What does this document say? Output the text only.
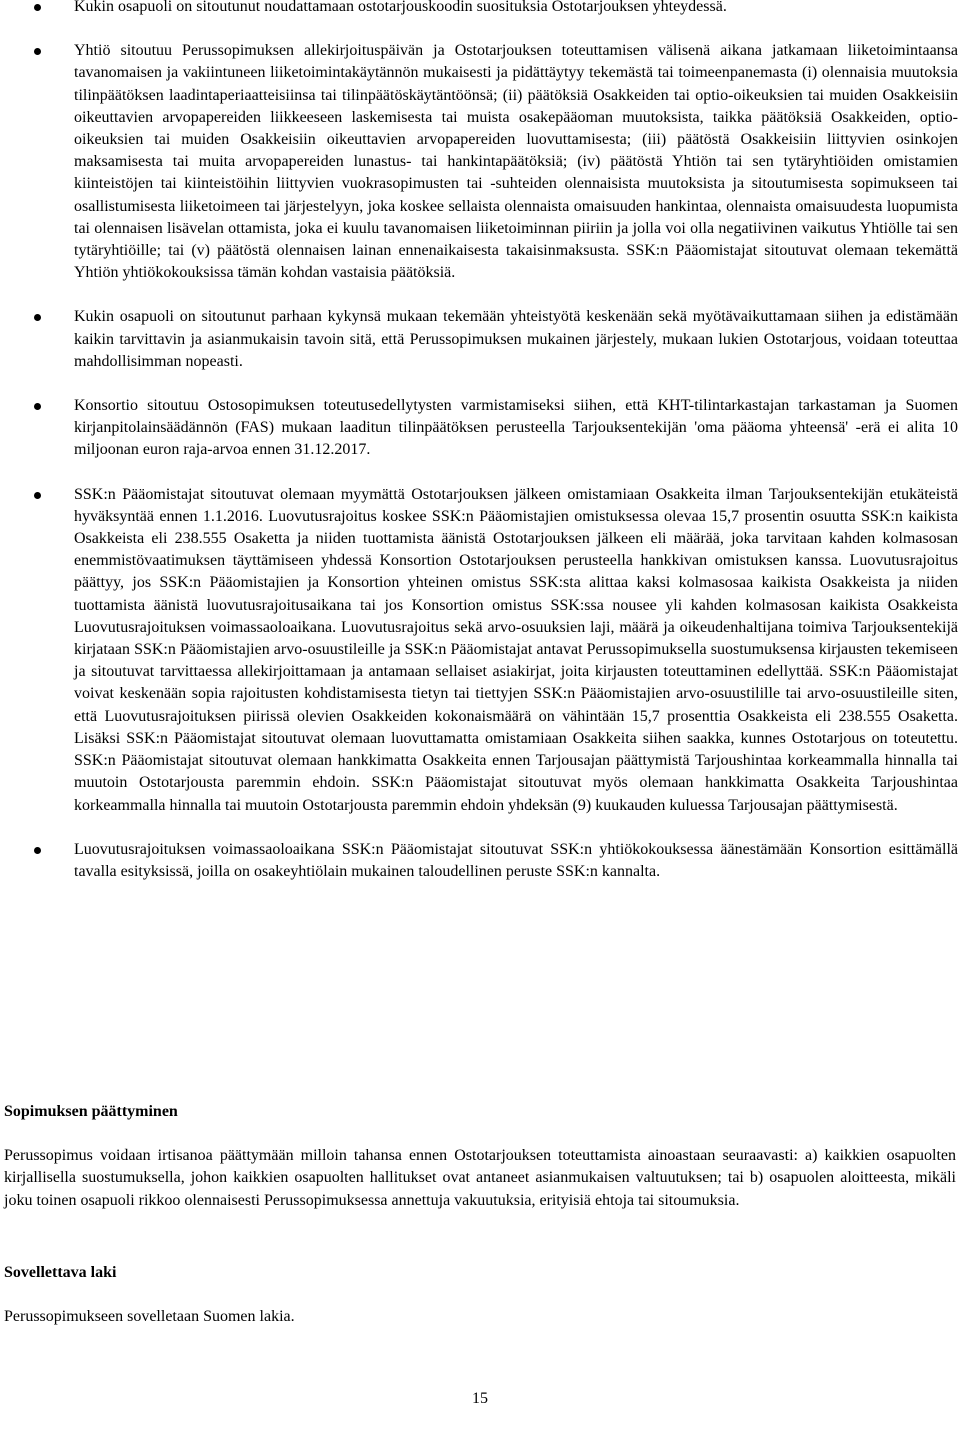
Kukin osapuoli on sitoutunut noudattamaan ostotarjouskoodin suosituksia Ostotarjouksen yhteydessä.
Yhtiö sitoutuu Perussopimuksen allekirjoituspäivän ja Ostotarjouksen toteuttamisen välisenä aikana jatkamaan liiketoimintaansa tavanomaisen ja vakiintuneen liiketoimintakäytännön mukaisesti ja pidättäytyy tekemästä tai toimeenpanemasta (i) olennaisia muutoksia tilinpäätöksen laadintaperiaatteisiinsa tai tilinpäätöskäytäntöönsä; (ii) päätöksiä Osakkeiden tai optio-oikeuksien tai muiden Osakkeisiin oikeuttavien arvopapereiden liikkeeseen laskemisesta tai muista osakepääoman muutoksista, taikka päätöksiä Osakkeiden, optio-oikeuksien tai muiden Osakkeisiin oikeuttavien arvopapereiden luovuttamisesta; (iii) päätöstä Osakkeisiin liittyvien osinkojen maksamisesta tai muita arvopapereiden lunastus- tai hankintapäätöksiä; (iv) päätöstä Yhtiön tai sen tytäryhtiöiden omistamien kiinteistöjen tai kiinteistöihin liittyvien vuokrasopimusten tai -suhteiden olennaisista muutoksista ja sitoutumisesta sopimukseen tai osallistumisesta liiketoimeen tai järjestelyyn, joka koskee sellaista olennaista omaisuuden hankintaa, olennaista omaisuudesta luopumista tai olennaisen lisävelan ottamista, joka ei kuulu tavanomaisen liiketoiminnan piiriin ja jolla voi olla negatiivinen vaikutus Yhtiölle tai sen tytäryhtiöille; tai (v) päätöstä olennaisen lainan ennenaikaisesta takaisinmaksusta. SSK:n Pääomistajat sitoutuvat olemaan tekemättä Yhtiön yhtiökokouksissa tämän kohdan vastaisia päätöksiä.
Kukin osapuoli on sitoutunut parhaan kykynsä mukaan tekemään yhteistyötä keskenään sekä myötävaikuttamaan siihen ja edistämään kaikin tarvittavin ja asianmukaisin tavoin sitä, että Perussopimuksen mukainen järjestely, mukaan lukien Ostotarjous, voidaan toteuttaa mahdollisimman nopeasti.
Konsortio sitoutuu Ostosopimuksen toteutusedellytysten varmistamiseksi siihen, että KHT-tilintarkastajan tarkastaman ja Suomen kirjanpitolainsäädännön (FAS) mukaan laaditun tilinpäätöksen perusteella Tarjouksentekijän 'oma pääoma yhteensä' -erä ei alita 10 miljoonan euron raja-arvoa ennen 31.12.2017.
SSK:n Pääomistajat sitoutuvat olemaan myymättä Ostotarjouksen jälkeen omistamiaan Osakkeita ilman Tarjouksentekijän etukäteistä hyväksyntää ennen 1.1.2016. Luovutusrajoitus koskee SSK:n Pääomistajien omistuksessa olevaa 15,7 prosentin osuutta SSK:n kaikista Osakkeista eli 238.555 Osaketta ja niiden tuottamista äänistä Ostotarjouksen jälkeen eli määrää, joka tarvitaan kahden kolmasosan enemmistövaatimuksen täyttämiseen yhdessä Konsortion Ostotarjouksen perusteella hankkivan omistuksen kanssa. Luovutusrajoitus päättyy, jos SSK:n Pääomistajien ja Konsortion yhteinen omistus SSK:sta alittaa kaksi kolmasosaa kaikista Osakkeista ja niiden tuottamista äänistä luovutusrajoitusaikana tai jos Konsortion omistus SSK:ssa nousee yli kahden kolmasosan kaikista Osakkeista Luovutusrajoituksen voimassaoloaikana. Luovutusrajoitus sekä arvo-osuuksien laji, määrä ja oikeudenhaltijana toimiva Tarjouksentekijä kirjataan SSK:n Pääomistajien arvo-osuustileille ja SSK:n Pääomistajat antavat Perussopimuksella suostumuksensa kirjausten tekemiseen ja sitoutuvat tarvittaessa allekirjoittamaan ja antamaan sellaiset asiakirjat, joita kirjausten toteuttaminen edellyttää. SSK:n Pääomistajat voivat keskenään sopia rajoitusten kohdistamisesta tietyn tai tiettyjen SSK:n Pääomistajien arvo-osuustilille tai arvo-osuustileille siten, että Luovutusrajoituksen piirissä olevien Osakkeiden kokonaismäärä on vähintään 15,7 prosenttia Osakkeista eli 238.555 Osaketta. Lisäksi SSK:n Pääomistajat sitoutuvat olemaan luovuttamatta omistamiaan Osakkeita siihen saakka, kunnes Ostotarjous on toteutettu. SSK:n Pääomistajat sitoutuvat olemaan hankkimatta Osakkeita ennen Tarjousajan päättymistä Tarjoushintaa korkeammalla hinnalla tai muutoin Ostotarjousta paremmin ehdoin. SSK:n Pääomistajat sitoutuvat myös olemaan hankkimatta Osakkeita Tarjoushintaa korkeammalla hinnalla tai muutoin Ostotarjousta paremmin ehdoin yhdeksän (9) kuukauden kuluessa Tarjousajan päättymisestä.
Luovutusrajoituksen voimassaoloaikana SSK:n Pääomistajat sitoutuvat SSK:n yhtiökokouksessa äänestämään Konsortion esittämällä tavalla esityksissä, joilla on osakeyhtiölain mukainen taloudellinen peruste SSK:n kannalta.

Sopimuksen päättyminen

Perussopimus voidaan irtisanoa päättymään milloin tahansa ennen Ostotarjouksen toteuttamista ainoastaan seuraavasti: a) kaikkien osapuolten kirjallisella suostumuksella, johon kaikkien osapuolten hallitukset ovat antaneet asianmukaisen valtuutuksen; tai b) osapuolen aloitteesta, mikäli joku toinen osapuoli rikkoo olennaisesti Perussopimuksessa annettuja vakuutuksia, erityisiä ehtoja tai sitoumuksia.

Sovellettava laki

Perussopimukseen sovelletaan Suomen lakia.

15
